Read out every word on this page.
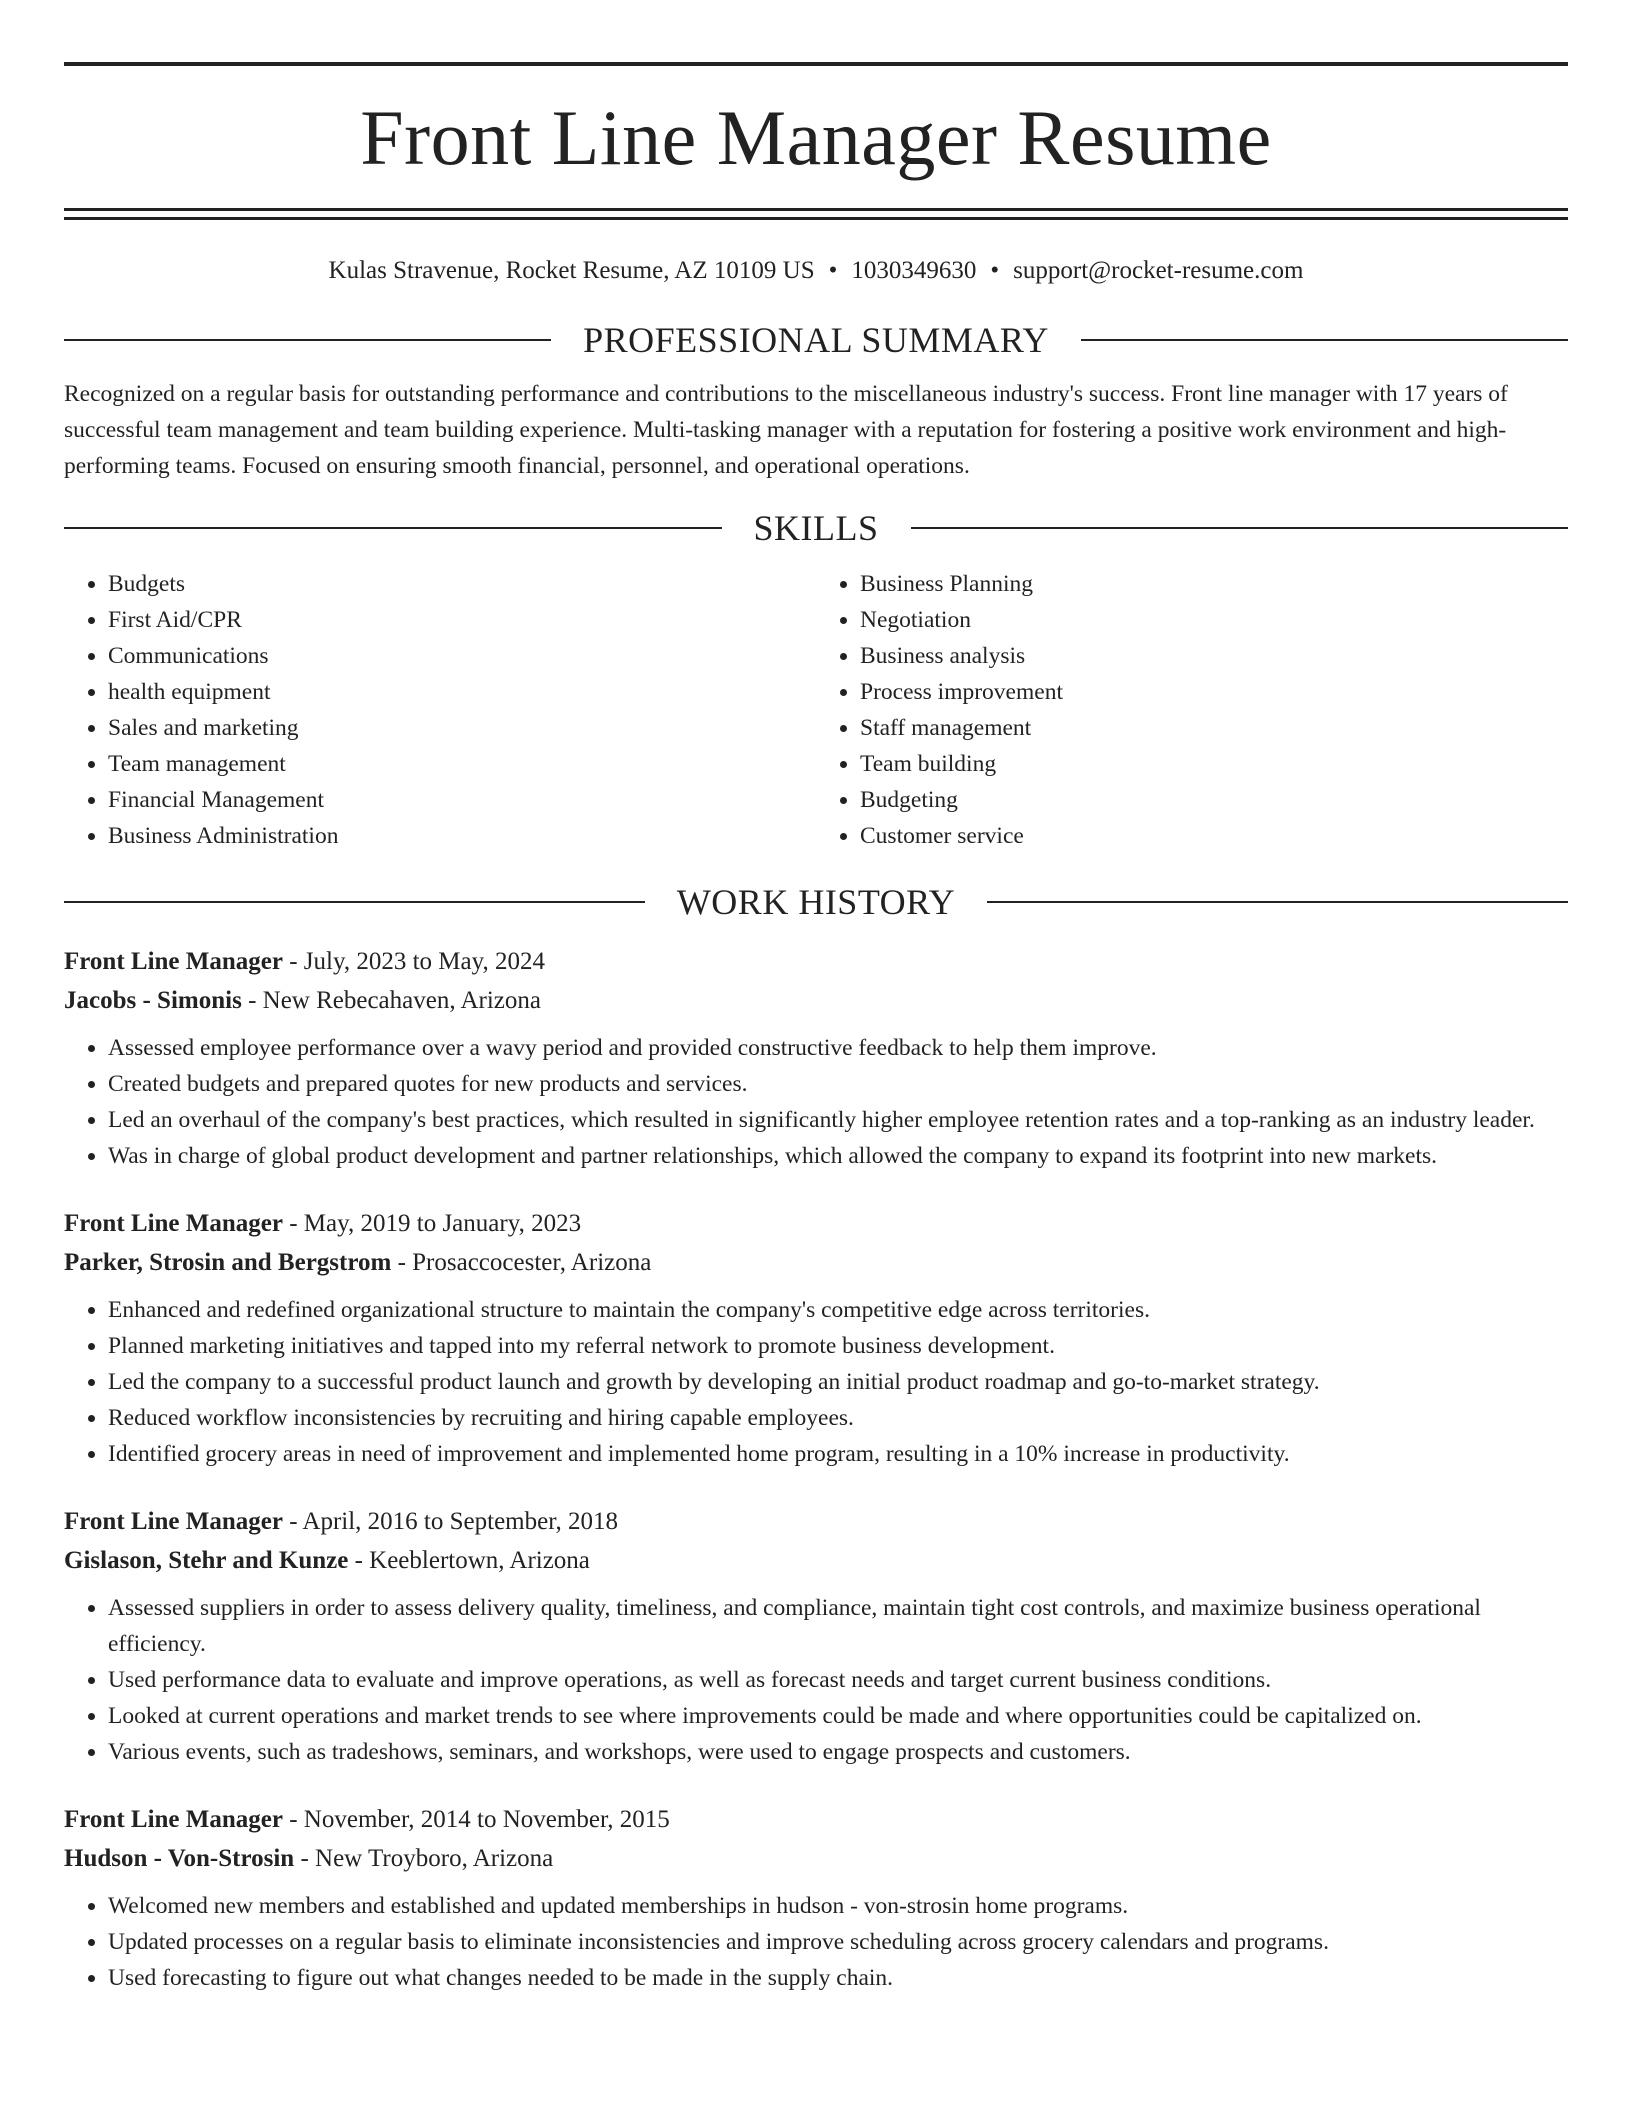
Front Line Manager Resume
Kulas Stravenue, Rocket Resume, AZ 10109 US • 1030349630 • support@rocket-resume.com
PROFESSIONAL SUMMARY

Recognized on a regular basis for outstanding performance and contributions to the miscellaneous industry's success. Front line manager with 17 years of successful team management and team building experience. Multi-tasking manager with a reputation for fostering a positive work environment and high-performing teams. Focused on ensuring smooth financial, personnel, and operational operations.

SKILLS
• Budgets
• First Aid/CPR
• Communications
• health equipment
• Sales and marketing
• Team management
• Financial Management
• Business Administration
• Business Planning
• Negotiation
• Business analysis
• Process improvement
• Staff management
• Team building
• Budgeting
• Customer service
WORK HISTORY
Front Line Manager - July, 2023 to May, 2024
Jacobs - Simonis - New Rebecahaven, Arizona
• Assessed employee performance over a wavy period and provided constructive feedback to help them improve.
• Created budgets and prepared quotes for new products and services.
• Led an overhaul of the company's best practices, which resulted in significantly higher employee retention rates and a top-ranking as an industry leader.
• Was in charge of global product development and partner relationships, which allowed the company to expand its footprint into new markets.
Front Line Manager - May, 2019 to January, 2023
Parker, Strosin and Bergstrom - Prosaccocester, Arizona
• Enhanced and redefined organizational structure to maintain the company's competitive edge across territories.
• Planned marketing initiatives and tapped into my referral network to promote business development.
• Led the company to a successful product launch and growth by developing an initial product roadmap and go-to-market strategy.
• Reduced workflow inconsistencies by recruiting and hiring capable employees.
• Identified grocery areas in need of improvement and implemented home program, resulting in a 10% increase in productivity.
Front Line Manager - April, 2016 to September, 2018
Gislason, Stehr and Kunze - Keeblertown, Arizona
• Assessed suppliers in order to assess delivery quality, timeliness, and compliance, maintain tight cost controls, and maximize business operational efficiency.
• Used performance data to evaluate and improve operations, as well as forecast needs and target current business conditions.
• Looked at current operations and market trends to see where improvements could be made and where opportunities could be capitalized on.
• Various events, such as tradeshows, seminars, and workshops, were used to engage prospects and customers.
Front Line Manager - November, 2014 to November, 2015
Hudson - Von-Strosin - New Troyboro, Arizona
• Welcomed new members and established and updated memberships in hudson - von-strosin home programs.
• Updated processes on a regular basis to eliminate inconsistencies and improve scheduling across grocery calendars and programs.
• Used forecasting to figure out what changes needed to be made in the supply chain.
